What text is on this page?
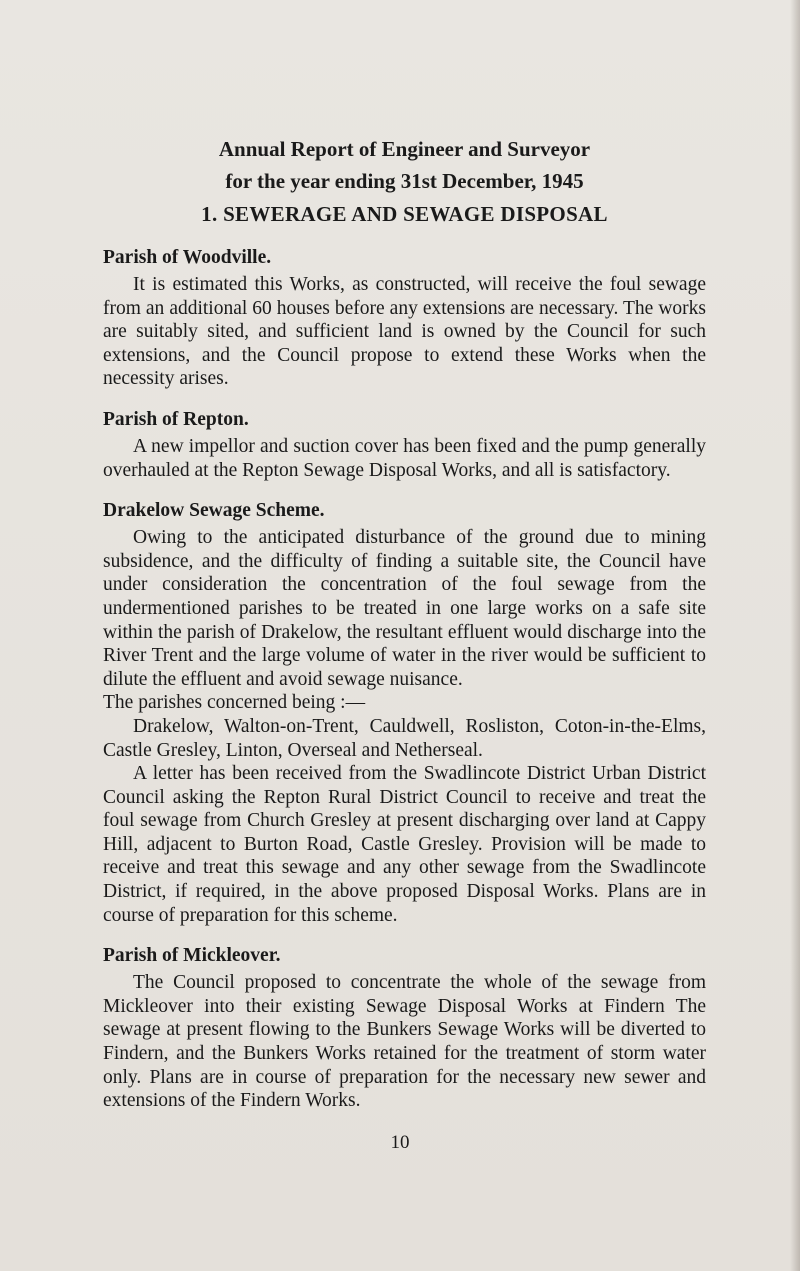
Annual Report of Engineer and Surveyor

for the year ending 31st December, 1945

1. SEWERAGE AND SEWAGE DISPOSAL

Parish of Woodville.

It is estimated this Works, as constructed, will receive the foul sewage from an additional 60 houses before any extensions are necessary. The works are suitably sited, and sufficient land is owned by the Council for such extensions, and the Council propose to extend these Works when the necessity arises.

Parish of Repton.

A new impellor and suction cover has been fixed and the pump generally overhauled at the Repton Sewage Disposal Works, and all is satisfactory.

Drakelow Sewage Scheme.

Owing to the anticipated disturbance of the ground due to mining subsidence, and the difficulty of finding a suitable site, the Council have under consideration the concentration of the foul sewage from the undermentioned parishes to be treated in one large works on a safe site within the parish of Drakelow, the resultant effluent would discharge into the River Trent and the large volume of water in the river would be sufficient to dilute the effluent and avoid sewage nuisance.

The parishes concerned being :—

Drakelow, Walton-on-Trent, Cauldwell, Rosliston, Coton-in-the-Elms, Castle Gresley, Linton, Overseal and Netherseal.

A letter has been received from the Swadlincote District Urban District Council asking the Repton Rural District Council to receive and treat the foul sewage from Church Gresley at present discharging over land at Cappy Hill, adjacent to Burton Road, Castle Gresley. Provision will be made to receive and treat this sewage and any other sewage from the Swadlincote District, if required, in the above proposed Disposal Works. Plans are in course of preparation for this scheme.

Parish of Mickleover.

The Council proposed to concentrate the whole of the sewage from Mickleover into their existing Sewage Disposal Works at Findern The sewage at present flowing to the Bunkers Sewage Works will be diverted to Findern, and the Bunkers Works retained for the treatment of storm water only. Plans are in course of preparation for the necessary new sewer and extensions of the Findern Works.

10
